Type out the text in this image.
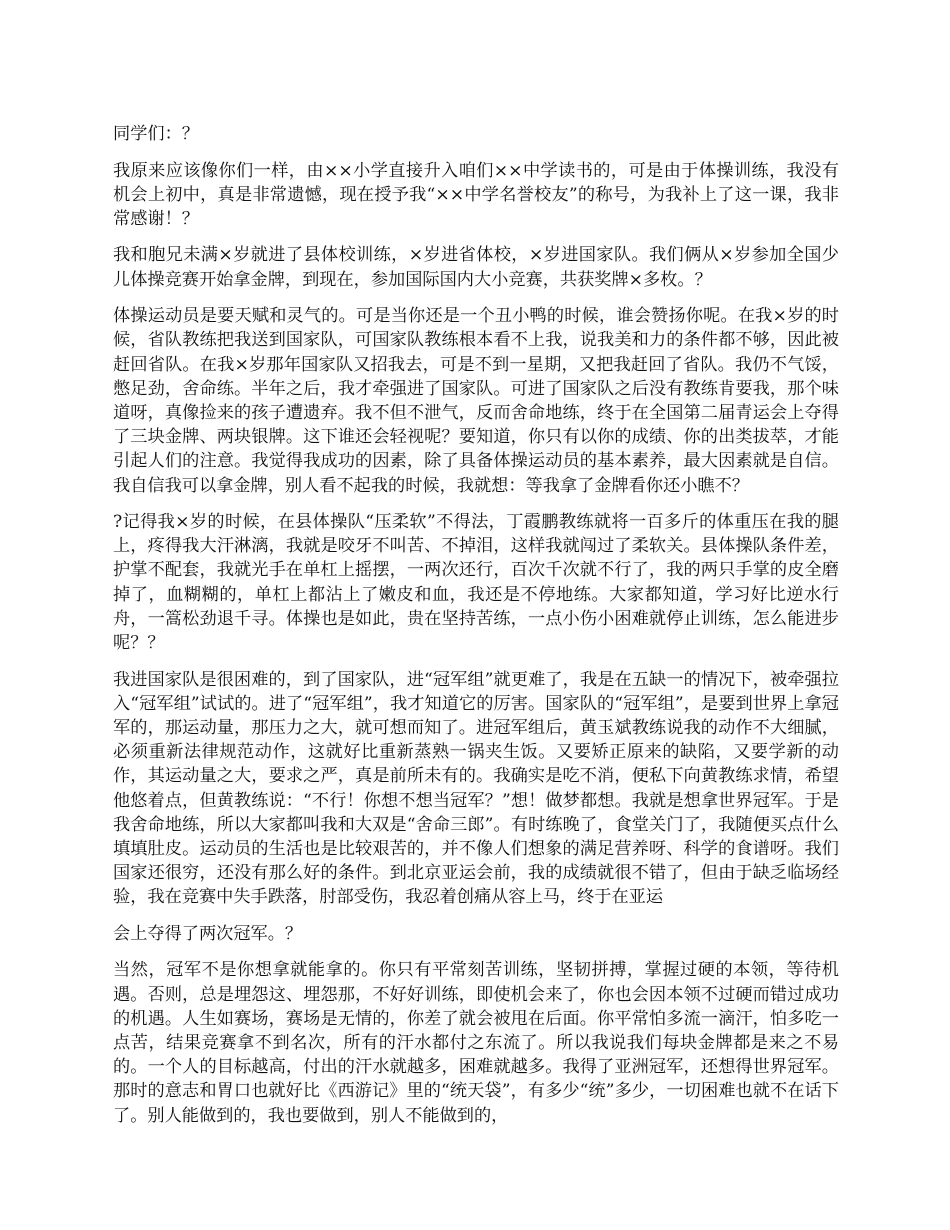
同学们：？

我原来应该像你们一样，由××小学直接升入咱们××中学读书的，可是由于体操训练，我没有机会上初中，真是非常遗憾，现在授予我“××中学名誉校友”的称号，为我补上了这一课，我非常感谢！？

我和胞兄未满×岁就进了县体校训练，×岁进省体校，×岁进国家队。我们俩从×岁参加全国少儿体操竞赛开始拿金牌，到现在，参加国际国内大小竞赛，共获奖牌×多枚。？

体操运动员是要天赋和灵气的。可是当你还是一个丑小鸭的时候，谁会赞扬你呢。在我×岁的时候，省队教练把我送到国家队，可国家队教练根本看不上我，说我美和力的条件都不够，因此被赶回省队。在我×岁那年国家队又招我去，可是不到一星期，又把我赶回了省队。我仍不气馁，憋足劲，舍命练。半年之后，我才牵强进了国家队。可进了国家队之后没有教练肯要我，那个味道呀，真像捡来的孩子遭遗弃。我不但不泄气，反而舍命地练，终于在全国第二届青运会上夺得了三块金牌、两块银牌。这下谁还会轻视呢？要知道，你只有以你的成绩、你的出类拔萃，才能引起人们的注意。我觉得我成功的因素，除了具备体操运动员的基本素养，最大因素就是自信。我自信我可以拿金牌，别人看不起我的时候，我就想：等我拿了金牌看你还小瞧不？

?记得我×岁的时候，在县体操队“压柔软”不得法，丁霞鹏教练就将一百多斤的体重压在我的腿上，疼得我大汗淋漓，我就是咬牙不叫苦、不掉泪，这样我就闯过了柔软关。县体操队条件差，护掌不配套，我就光手在单杠上摇摆，一两次还行，百次千次就不行了，我的两只手掌的皮全磨掉了，血糊糊的，单杠上都沾上了嫩皮和血，我还是不停地练。大家都知道，学习好比逆水行舟，一篙松劲退千寻。体操也是如此，贵在坚持苦练，一点小伤小困难就停止训练，怎么能进步呢？？

我进国家队是很困难的，到了国家队，进“冠军组”就更难了，我是在五缺一的情况下，被牵强拉入“冠军组”试试的。进了“冠军组”，我才知道它的厉害。国家队的“冠军组”，是要到世界上拿冠军的，那运动量，那压力之大，就可想而知了。进冠军组后，黄玉斌教练说我的动作不大细腻，必须重新法律规范动作，这就好比重新蒸熟一锅夹生饭。又要矫正原来的缺陷，又要学新的动作，其运动量之大，要求之严，真是前所未有的。我确实是吃不消，便私下向黄教练求情，希望他悠着点，但黄教练说：“不行！你想不想当冠军？”想！做梦都想。我就是想拿世界冠军。于是我舍命地练，所以大家都叫我和大双是“舍命三郎”。有时练晚了，食堂关门了，我随便买点什么填填肚皮。运动员的生活也是比较艰苦的，并不像人们想象的满足营养呀、科学的食谱呀。我们国家还很穷，还没有那么好的条件。到北京亚运会前，我的成绩就很不错了，但由于缺乏临场经验，我在竞赛中失手跌落，肘部受伤，我忍着创痛从容上马，终于在亚运

会上夺得了两次冠军。？

当然，冠军不是你想拿就能拿的。你只有平常刻苦训练，坚韧拼搏，掌握过硬的本领，等待机遇。否则，总是埋怨这、埋怨那，不好好训练，即使机会来了，你也会因本领不过硬而错过成功的机遇。人生如赛场，赛场是无情的，你差了就会被甩在后面。你平常怕多流一滴汗，怕多吃一点苦，结果竞赛拿不到名次，所有的汗水都付之东流了。所以我说我们每块金牌都是来之不易的。一个人的目标越高，付出的汗水就越多，困难就越多。我得了亚洲冠军，还想得世界冠军。那时的意志和胃口也就好比《西游记》里的“统天袋”，有多少“统”多少，一切困难也就不在话下了。别人能做到的，我也要做到，别人不能做到的，
